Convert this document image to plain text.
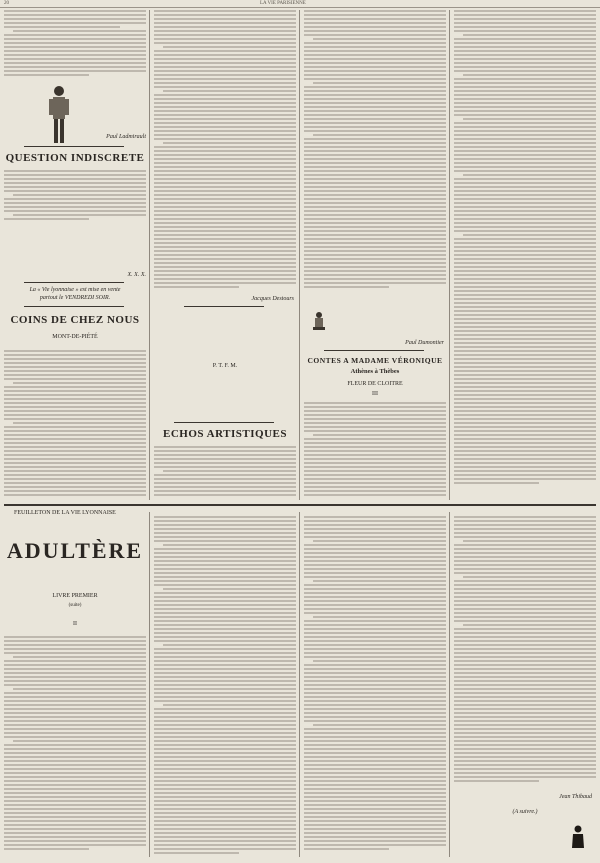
20	LA VIE PARISIENNE
Paul Ladmirault
QUESTION INDISCRETE
X. X. X.
La « Vie lyonnaise » est mise en vente
partout le VENDREDI SOIR.
COINS DE CHEZ NOUS
MONT-DE-PIÉTÉ
Jacques Destours
P. T. F. M.
ECHOS ARTISTIQUES
Paul Dumontier
CONTES A MADAME VÉRONIQUE
Athènes à Thèbes
FLEUR DE CLOITRE
III
FEUILLETON DE LA VIE LYONNAISE
ADULTÈRE
LIVRE PREMIER
(suite)
II
Jean Thibaud
(A suivre.)
